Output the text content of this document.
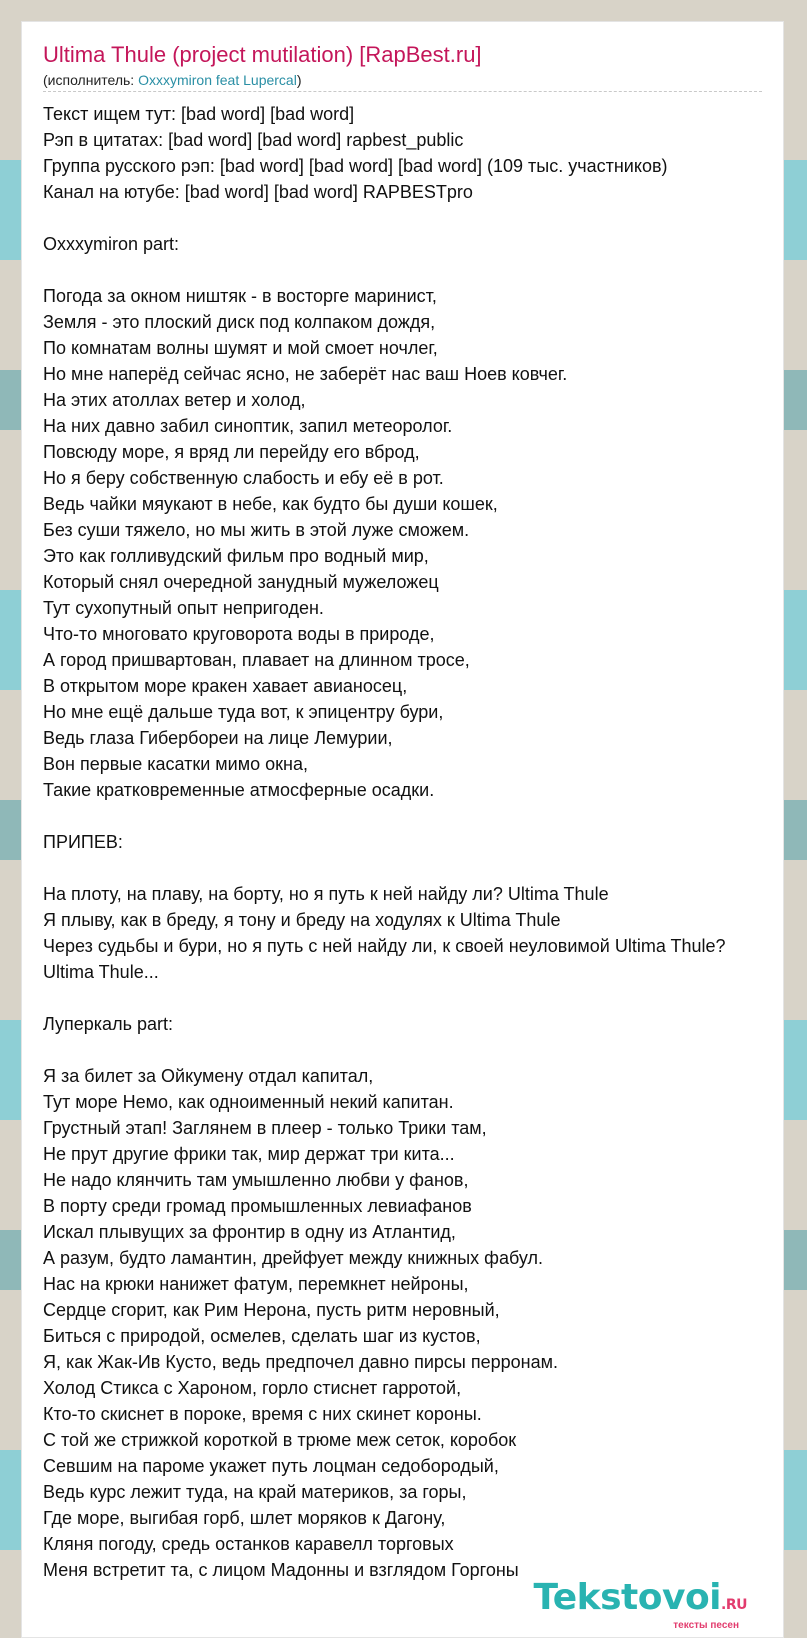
Ultima Thule (project mutilation) [RapBest.ru]
(исполнитель: Oxxxymiron feat Lupercal)
Текст ищем тут: [bad word] [bad word]
Рэп в цитатах: [bad word] [bad word] rapbest_public
Группа русского рэп: [bad word] [bad word] [bad word] (109 тыс. участников)
Канал на ютубе: [bad word] [bad word] RAPBESTpro
Oxxxymiron part:
Погода за окном ништяк - в восторге маринист,
Земля - это плоский диск под колпаком дождя,
По комнатам волны шумят и мой смоет ночлег,
Но мне наперёд сейчас ясно, не заберёт нас ваш Ноев ковчег.
На этих атоллах ветер и холод,
На них давно забил синоптик, запил метеоролог.
Повсюду море, я вряд ли перейду его вброд,
Но я беру собственную слабость и ебу её в рот.
Ведь чайки мяукают в небе, как будто бы души кошек,
Без суши тяжело, но мы жить в этой луже сможем.
Это как голливудский фильм про водный мир,
Который снял очередной занудный мужеложец
Тут сухопутный опыт непригоден.
Что-то многовато круговорота воды в природе,
А город пришвартован, плавает на длинном тросе,
В открытом море кракен хавает авианосец,
Но мне ещё дальше туда вот, к эпицентру бури,
Ведь глаза Гибербореи на лице Лемурии,
Вон первые касатки мимо окна,
Такие кратковременные атмосферные осадки.
ПРИПЕВ:
На плоту, на плаву, на борту, но я путь к ней найду ли? Ultima Thule
Я плыву, как в бреду, я тону и бреду на ходулях к Ultima Thule
Через судьбы и бури, но я путь с ней найду ли, к своей неуловимой Ultima Thule?
Ultima Thule...
Луперкаль part:
Я за билет за Ойкумену отдал капитал,
Тут море Немо, как одноименный некий капитан.
Грустный этап! Заглянем в плеер - только Трики там,
Не прут другие фрики так, мир держат три кита...
Не надо клянчить там умышленно любви у фанов,
В порту среди громад промышленных левиафанов
Искал плывущих за фронтир в одну из Атлантид,
А разум, будто ламантин, дрейфует между книжных фабул.
Нас на крюки нанижет фатум, перемкнет нейроны,
Сердце сгорит, как Рим Нерона, пусть ритм неровный,
Биться с природой, осмелев, сделать шаг из кустов,
Я, как Жак-Ив Кусто, ведь предпочел давно пирсы перронам.
Холод Стикса с Хароном, горло стиснет гарротой,
Кто-то скиснет в пороке, время с них скинет короны.
С той же стрижкой короткой в трюме меж сеток, коробок
Севшим на пароме укажет путь лоцман седобородый,
Ведь курс лежит туда, на край материков, за горы,
Где море, выгибая горб, шлет моряков к Дагону,
Кляня погоду, средь останков каравелл торговых
Меня встретит та, с лицом Мадонны и взглядом Горгоны
Tekstovoi.RU
тексты песен
